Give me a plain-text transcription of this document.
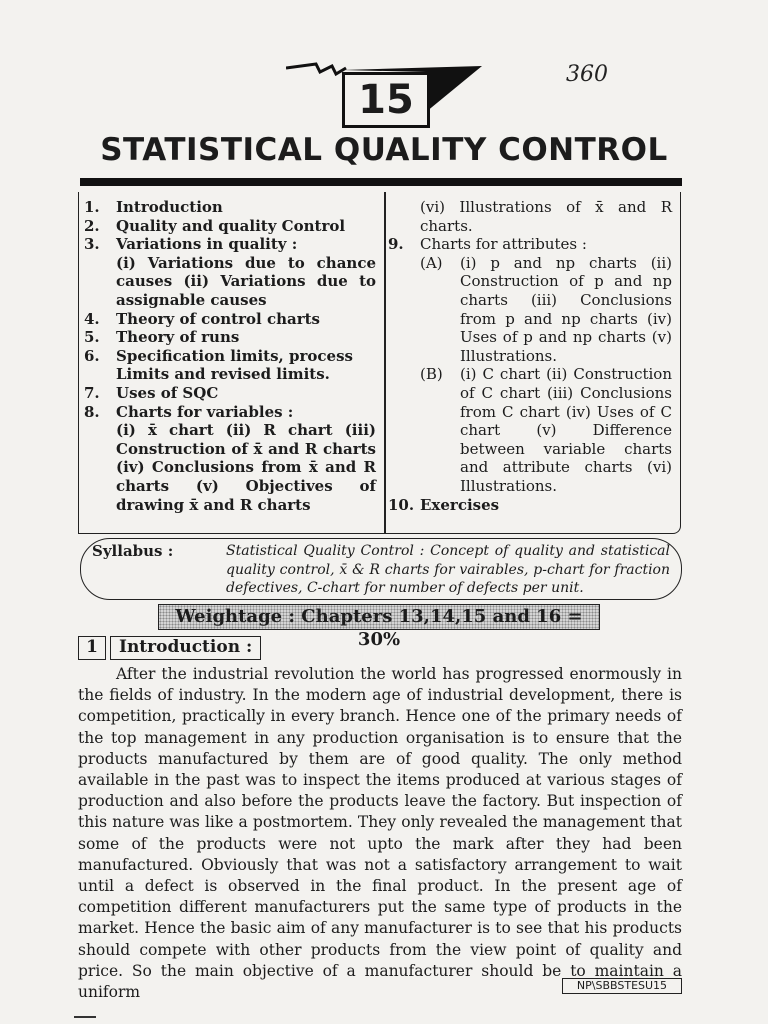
15
360
STATISTICAL QUALITY CONTROL
1.	Introduction
2.	Quality and quality Control
3.	Variations in quality :
(i) Variations due to chance causes (ii) Variations due to assignable causes
4.	Theory of control charts
5.	Theory of runs
6.	Specification limits, process Limits and revised limits.
7.	Uses of SQC
8.	Charts for variables :
(i) x̄ chart (ii) R chart (iii) Construction of x̄ and R charts (iv) Conclusions from x̄ and R charts (v) Objectives of drawing x̄ and R charts
(vi) Illustrations of x̄ and R charts.
9.	Charts for attributes :
(A)	(i) p and np charts (ii) Construction of p and np charts (iii) Conclusions from p and np charts (iv) Uses of p and np charts (v) Illustrations.
(B)	(i) C chart (ii) Construction of C chart (iii) Conclusions from C chart (iv) Uses of C chart (v) Difference between variable charts and attribute charts (vi) Illustrations.
10. Exercises
Syllabus :	Statistical Quality Control : Concept of quality and statistical quality control, x̄ & R charts for vairables, p-chart for fraction defectives, C-chart for number of defects per unit.
Weightage : Chapters 13,14,15 and 16 = 30%
1	Introduction :

After the industrial revolution the world has progressed enormously in the fields of industry. In the modern age of industrial development, there is competition, practically in every branch. Hence one of the primary needs of the top management in any production organisation is to ensure that the products manufactured by them are of good quality. The only method available in the past was to inspect the items produced at various stages of production and also before the products leave the factory. But inspection of this nature was like a postmortem. They only revealed the management that some of the products were not upto the mark after they had been manufactured. Obviously that was not a satisfactory arrangement to wait until a defect is observed in the final product. In the present age of competition different manufacturers put the same type of products in the market. Hence the basic aim of any manufacturer is to see that his products should compete with other products from the view point of quality and price. So the main objective of a manufacturer should be to maintain a uniform	NP\SBBSTESU15
